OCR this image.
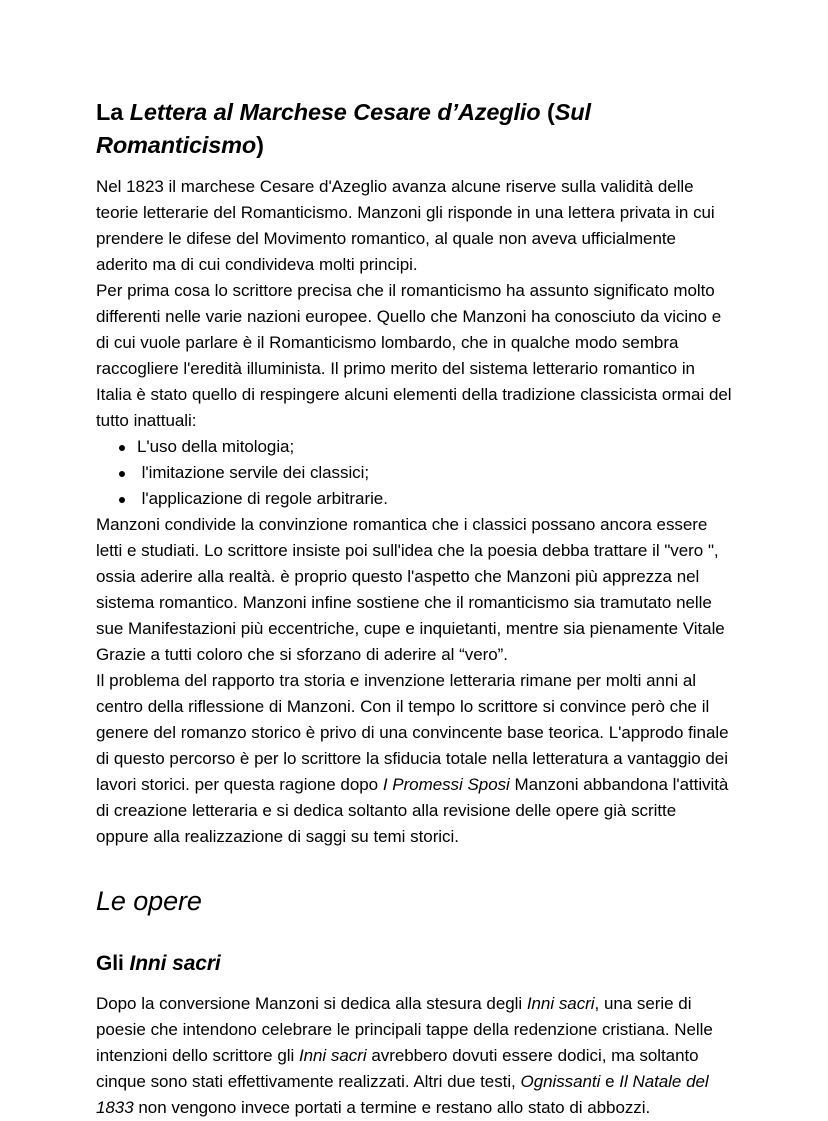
La Lettera al Marchese Cesare d’Azeglio (Sul Romanticismo)

Nel 1823 il marchese Cesare d'Azeglio avanza alcune riserve sulla validità delle teorie letterarie del Romanticismo. Manzoni gli risponde in una lettera privata in cui prendere le difese del Movimento romantico, al quale non aveva ufficialmente aderito ma di cui condivideva molti principi.

Per prima cosa lo scrittore precisa che il romanticismo ha assunto significato molto differenti nelle varie nazioni europee. Quello che Manzoni ha conosciuto da vicino e di cui vuole parlare è il Romanticismo lombardo, che in qualche modo sembra raccogliere l'eredità illuminista. Il primo merito del sistema letterario romantico in Italia è stato quello di respingere alcuni elementi della tradizione classicista ormai del tutto inattuali:

L'uso della mitologia;
l'imitazione servile dei classici;
l'applicazione di regole arbitrarie.

Manzoni condivide la convinzione romantica che i classici possano ancora essere letti e studiati. Lo scrittore insiste poi sull'idea che la poesia debba trattare il "vero ", ossia aderire alla realtà. è proprio questo l'aspetto che Manzoni più apprezza nel sistema romantico. Manzoni infine sostiene che il romanticismo sia tramutato nelle sue Manifestazioni più eccentriche, cupe e inquietanti, mentre sia pienamente Vitale Grazie a tutti coloro che si sforzano di aderire al “vero”.

Il problema del rapporto tra storia e invenzione letteraria rimane per molti anni al centro della riflessione di Manzoni. Con il tempo lo scrittore si convince però che il genere del romanzo storico è privo di una convincente base teorica. L'approdo finale di questo percorso è per lo scrittore la sfiducia totale nella letteratura a vantaggio dei lavori storici. per questa ragione dopo I Promessi Sposi Manzoni abbandona l'attività di creazione letteraria e si dedica soltanto alla revisione delle opere già scritte oppure alla realizzazione di saggi su temi storici.

Le opere
Gli Inni sacri

Dopo la conversione Manzoni si dedica alla stesura degli Inni sacri, una serie di poesie che intendono celebrare le principali tappe della redenzione cristiana. Nelle intenzioni dello scrittore gli Inni sacri avrebbero dovuti essere dodici, ma soltanto cinque sono stati effettivamente realizzati. Altri due testi, Ognissanti e Il Natale del 1833 non vengono invece portati a termine e restano allo stato di abbozzi.
